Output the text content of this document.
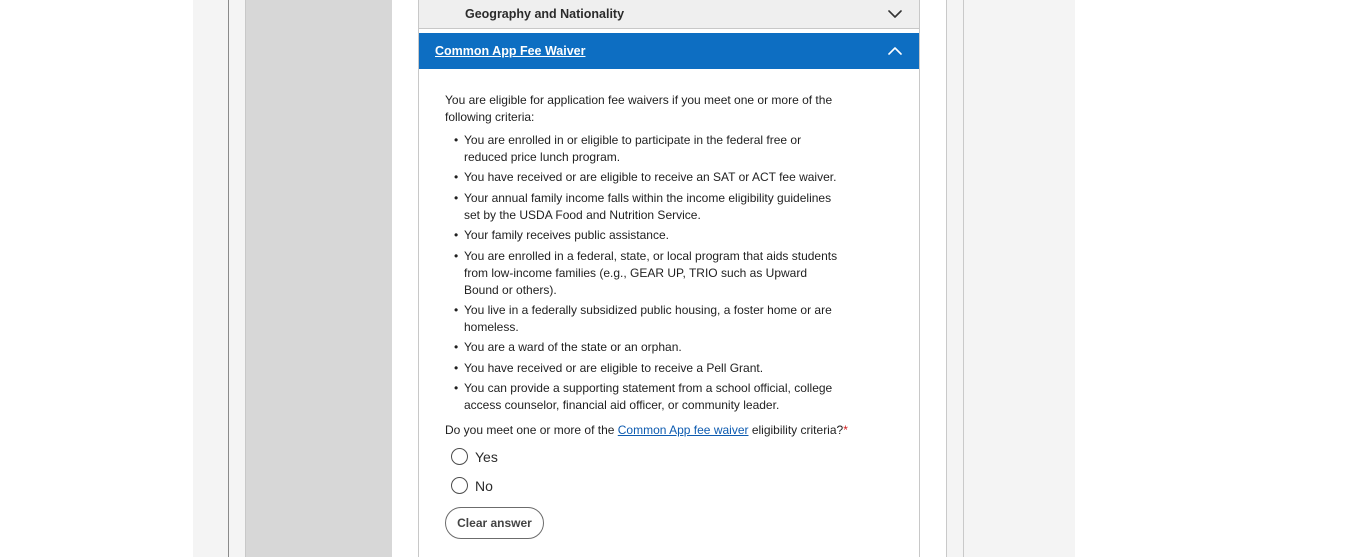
Geography and Nationality
Common App Fee Waiver

You are eligible for application fee waivers if you meet one or more of the following criteria:

• You are enrolled in or eligible to participate in the federal free or reduced price lunch program.
• You have received or are eligible to receive an SAT or ACT fee waiver.
• Your annual family income falls within the income eligibility guidelines set by the USDA Food and Nutrition Service.
• Your family receives public assistance.
• You are enrolled in a federal, state, or local program that aids students from low-income families (e.g., GEAR UP, TRIO such as Upward Bound or others).
• You live in a federally subsidized public housing, a foster home or are homeless.
• You are a ward of the state or an orphan.
• You have received or are eligible to receive a Pell Grant.
• You can provide a supporting statement from a school official, college access counselor, financial aid officer, or community leader.
Do you meet one or more of the Common App fee waiver eligibility criteria?*
Yes
No
Clear answer
